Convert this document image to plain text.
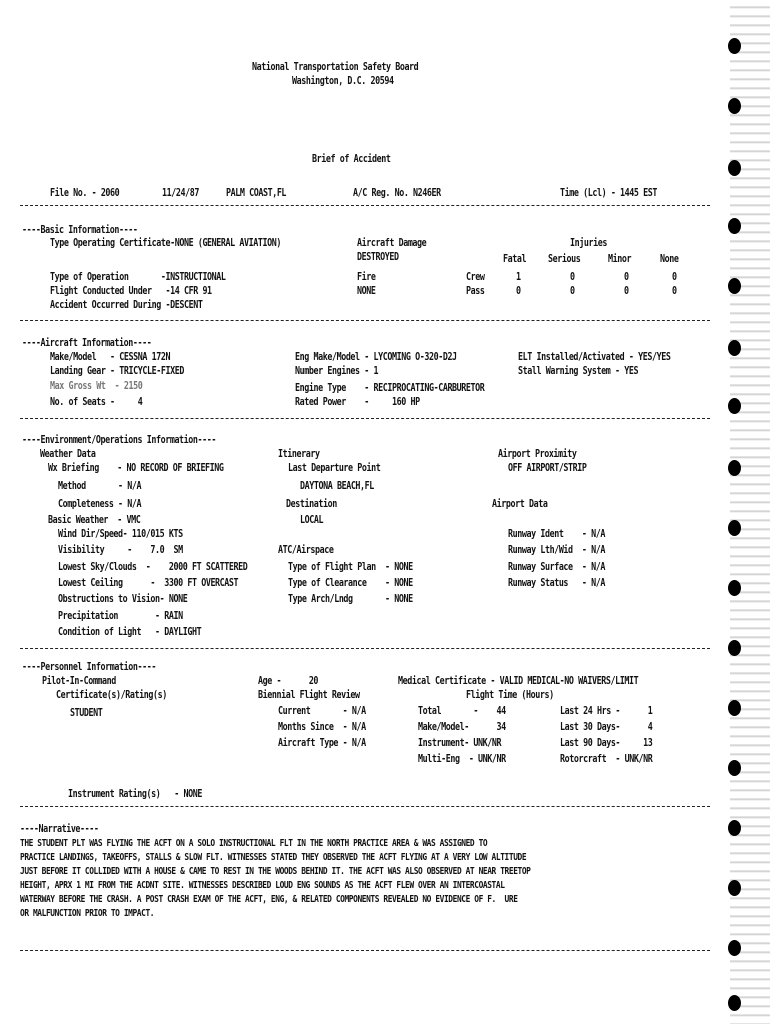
National Transportation Safety Board
Washington, D.C. 20594
Brief of Accident
File No. - 2060	11/24/87	PALM COAST,FL	A/C Reg. No. N246ER	Time (Lcl) - 1445 EST
----Basic Information----
Type Operating Certificate-NONE (GENERAL AVIATION)
Type of Operation       -INSTRUCTIONAL
Flight Conducted Under   -14 CFR 91
Accident Occurred During -DESCENT
Aircraft Damage
DESTROYED
Fire
NONE
Injuries
Fatal Serious	Minor	None
Crew	1	0	0	0
Pass	0	0	0	0
----Aircraft Information----
Make/Model   - CESSNA 172N
Landing Gear - TRICYCLE-FIXED
Max Gross Wt  - 2150
No. of Seats -     4
Eng Make/Model - LYCOMING O-320-D2J
Number Engines - 1
Engine Type    - RECIPROCATING-CARBURETOR
Rated Power    -     160 HP
ELT Installed/Activated - YES/YES
Stall Warning System - YES
----Environment/Operations Information----
Weather Data
Wx Briefing    - NO RECORD OF BRIEFING
Method       - N/A
Completeness - N/A
Basic Weather  - VMC
Wind Dir/Speed- 110/015 KTS
Visibility     -    7.0  SM
Lowest Sky/Clouds  -    2000 FT SCATTERED
Lowest Ceiling      -  3300 FT OVERCAST
Obstructions to Vision- NONE
Precipitation        - RAIN
Condition of Light   - DAYLIGHT
Itinerary
Last Departure Point
DAYTONA BEACH,FL
Destination
LOCAL
ATC/Airspace
Type of Flight Plan  - NONE
Type of Clearance    - NONE
Type Arch/Lndg       - NONE
Airport Proximity
OFF AIRPORT/STRIP
Airport Data
Runway Ident    - N/A
Runway Lth/Wid  - N/A
Runway Surface  - N/A
Runway Status   - N/A
----Personnel Information----
Pilot-In-Command
Certificate(s)/Rating(s)
STUDENT
Age -      20	Medical Certificate - VALID MEDICAL-NO WAIVERS/LIMIT
Biennial Flight Review
Current       - N/A
Months Since  - N/A
Aircraft Type - N/A
Flight Time (Hours)
Total       -    44
Make/Model-      34
Instrument- UNK/NR
Multi-Eng  - UNK/NR
Last 24 Hrs -      1
Last 30 Days-      4
Last 90 Days-     13
Rotorcraft  - UNK/NR
Instrument Rating(s)   - NONE
----Narrative----
THE STUDENT PLT WAS FLYING THE ACFT ON A SOLO INSTRUCTIONAL FLT IN THE NORTH PRACTICE AREA & WAS ASSIGNED TO
PRACTICE LANDINGS, TAKEOFFS, STALLS & SLOW FLT. WITNESSES STATED THEY OBSERVED THE ACFT FLYING AT A VERY LOW ALTITUDE
JUST BEFORE IT COLLIDED WITH A HOUSE & CAME TO REST IN THE WOODS BEHIND IT. THE ACFT WAS ALSO OBSERVED AT NEAR TREETOP
HEIGHT, APRX 1 MI FROM THE ACDNT SITE. WITNESSES DESCRIBED LOUD ENG SOUNDS AS THE ACFT FLEW OVER AN INTERCOASTAL
WATERWAY BEFORE THE CRASH. A POST CRASH EXAM OF THE ACFT, ENG, & RELATED COMPONENTS REVEALED NO EVIDENCE OF F.  URE
OR MALFUNCTION PRIOR TO IMPACT.
